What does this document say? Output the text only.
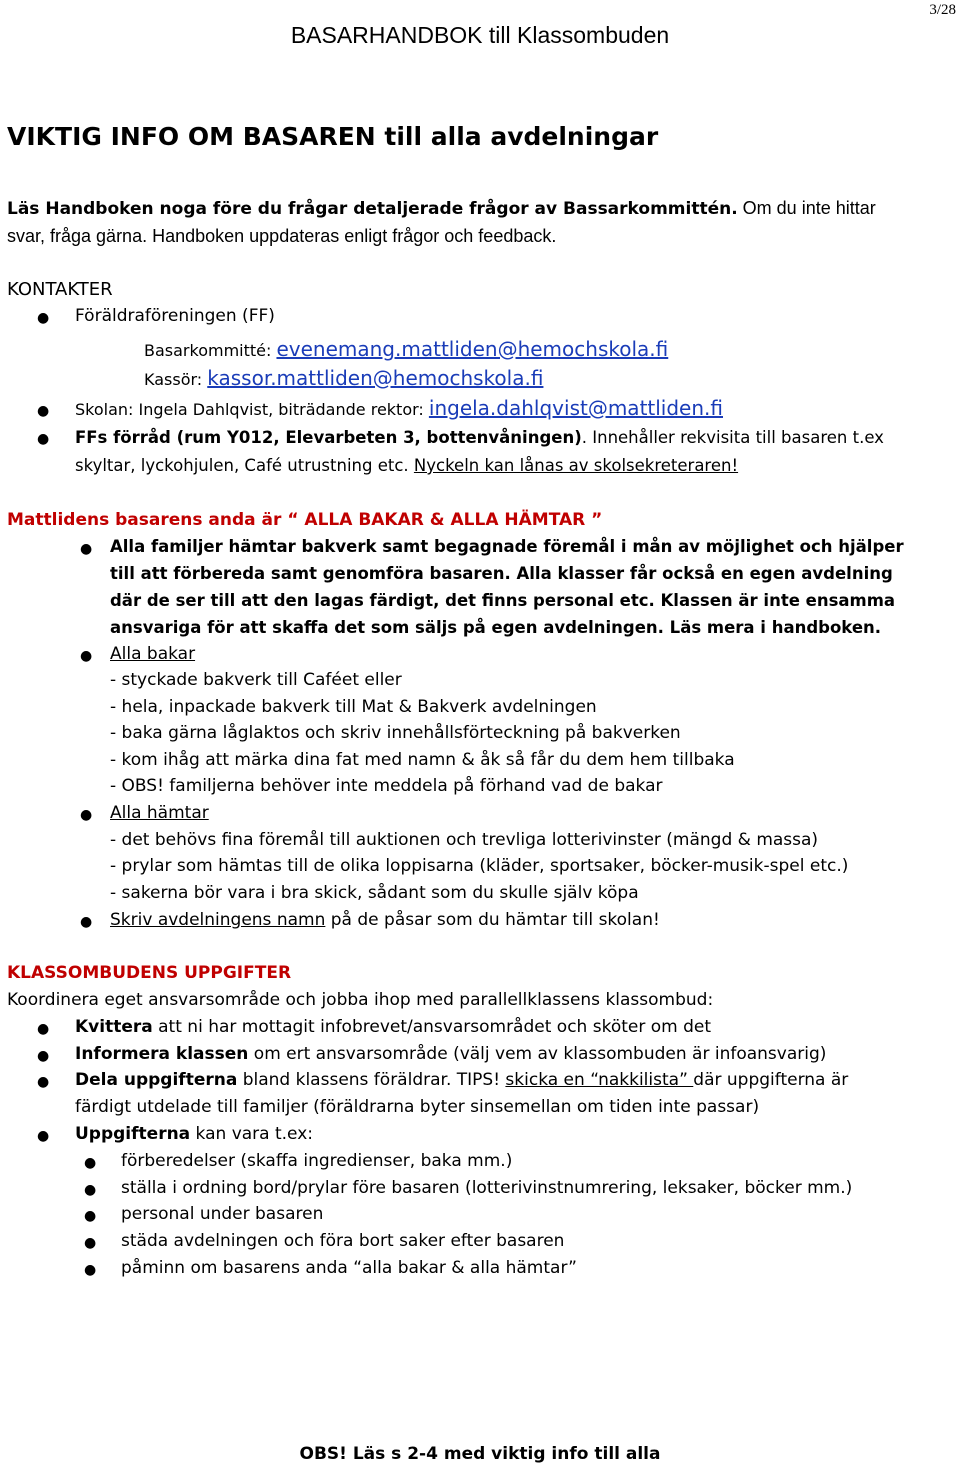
3/28
BASARHANDBOK till Klassombuden
VIKTIG INFO OM BASAREN till alla avdelningar
Läs Handboken noga före du frågar detaljerade frågor av Bassarkommittén. Om du inte hittar
svar, fråga gärna. Handboken uppdateras enligt frågor och feedback.
KONTAKTER
● Föräldraföreningen (FF)
Basarkommitté: evenemang.mattliden@hemochskola.fi
Kassör: kassor.mattliden@hemochskola.fi
● Skolan: Ingela Dahlqvist, biträdande rektor: ingela.dahlqvist@mattliden.fi
● FFs förråd (rum Y012, Elevarbeten 3, bottenvåningen). Innehåller rekvisita till basaren t.ex
skyltar, lyckohjulen, Café utrustning etc. Nyckeln kan lånas av skolsekreteraren!
Mattlidens basarens anda är “ ALLA BAKAR & ALLA HÄMTAR ”
● Alla familjer hämtar bakverk samt begagnade föremål i mån av möjlighet och hjälper
till att förbereda samt genomföra basaren. Alla klasser får också en egen avdelning
där de ser till att den lagas färdigt, det finns personal etc. Klassen är inte ensamma
ansvariga för att skaffa det som säljs på egen avdelningen. Läs mera i handboken.
● Alla bakar
- styckade bakverk till Caféet eller
- hela, inpackade bakverk till Mat & Bakverk avdelningen
- baka gärna låglaktos och skriv innehållsförteckning på bakverken
- kom ihåg att märka dina fat med namn & åk så får du dem hem tillbaka
- OBS! familjerna behöver inte meddela på förhand vad de bakar
● Alla hämtar
- det behövs fina föremål till auktionen och trevliga lotterivinster (mängd & massa)
- prylar som hämtas till de olika loppisarna (kläder, sportsaker, böcker-musik-spel etc.)
- sakerna bör vara i bra skick, sådant som du skulle själv köpa
● Skriv avdelningens namn på de påsar som du hämtar till skolan!
KLASSOMBUDENS UPPGIFTER
Koordinera eget ansvarsområde och jobba ihop med parallellklassens klassombud:
● Kvittera att ni har mottagit infobrevet/ansvarsområdet och sköter om det
● Informera klassen om ert ansvarsområde (välj vem av klassombuden är infoansvarig)
● Dela uppgifterna bland klassens föräldrar. TIPS! skicka en “nakkilista” där uppgifterna är
färdigt utdelade till familjer (föräldrarna byter sinsemellan om tiden inte passar)
● Uppgifterna kan vara t.ex:
● förberedelser (skaffa ingredienser, baka mm.)
● ställa i ordning bord/prylar före basaren (lotterivinstnumrering, leksaker, böcker mm.)
● personal under basaren
● städa avdelningen och föra bort saker efter basaren
● påminn om basarens anda “alla bakar & alla hämtar”
OBS! Läs s 2-4 med viktig info till alla
